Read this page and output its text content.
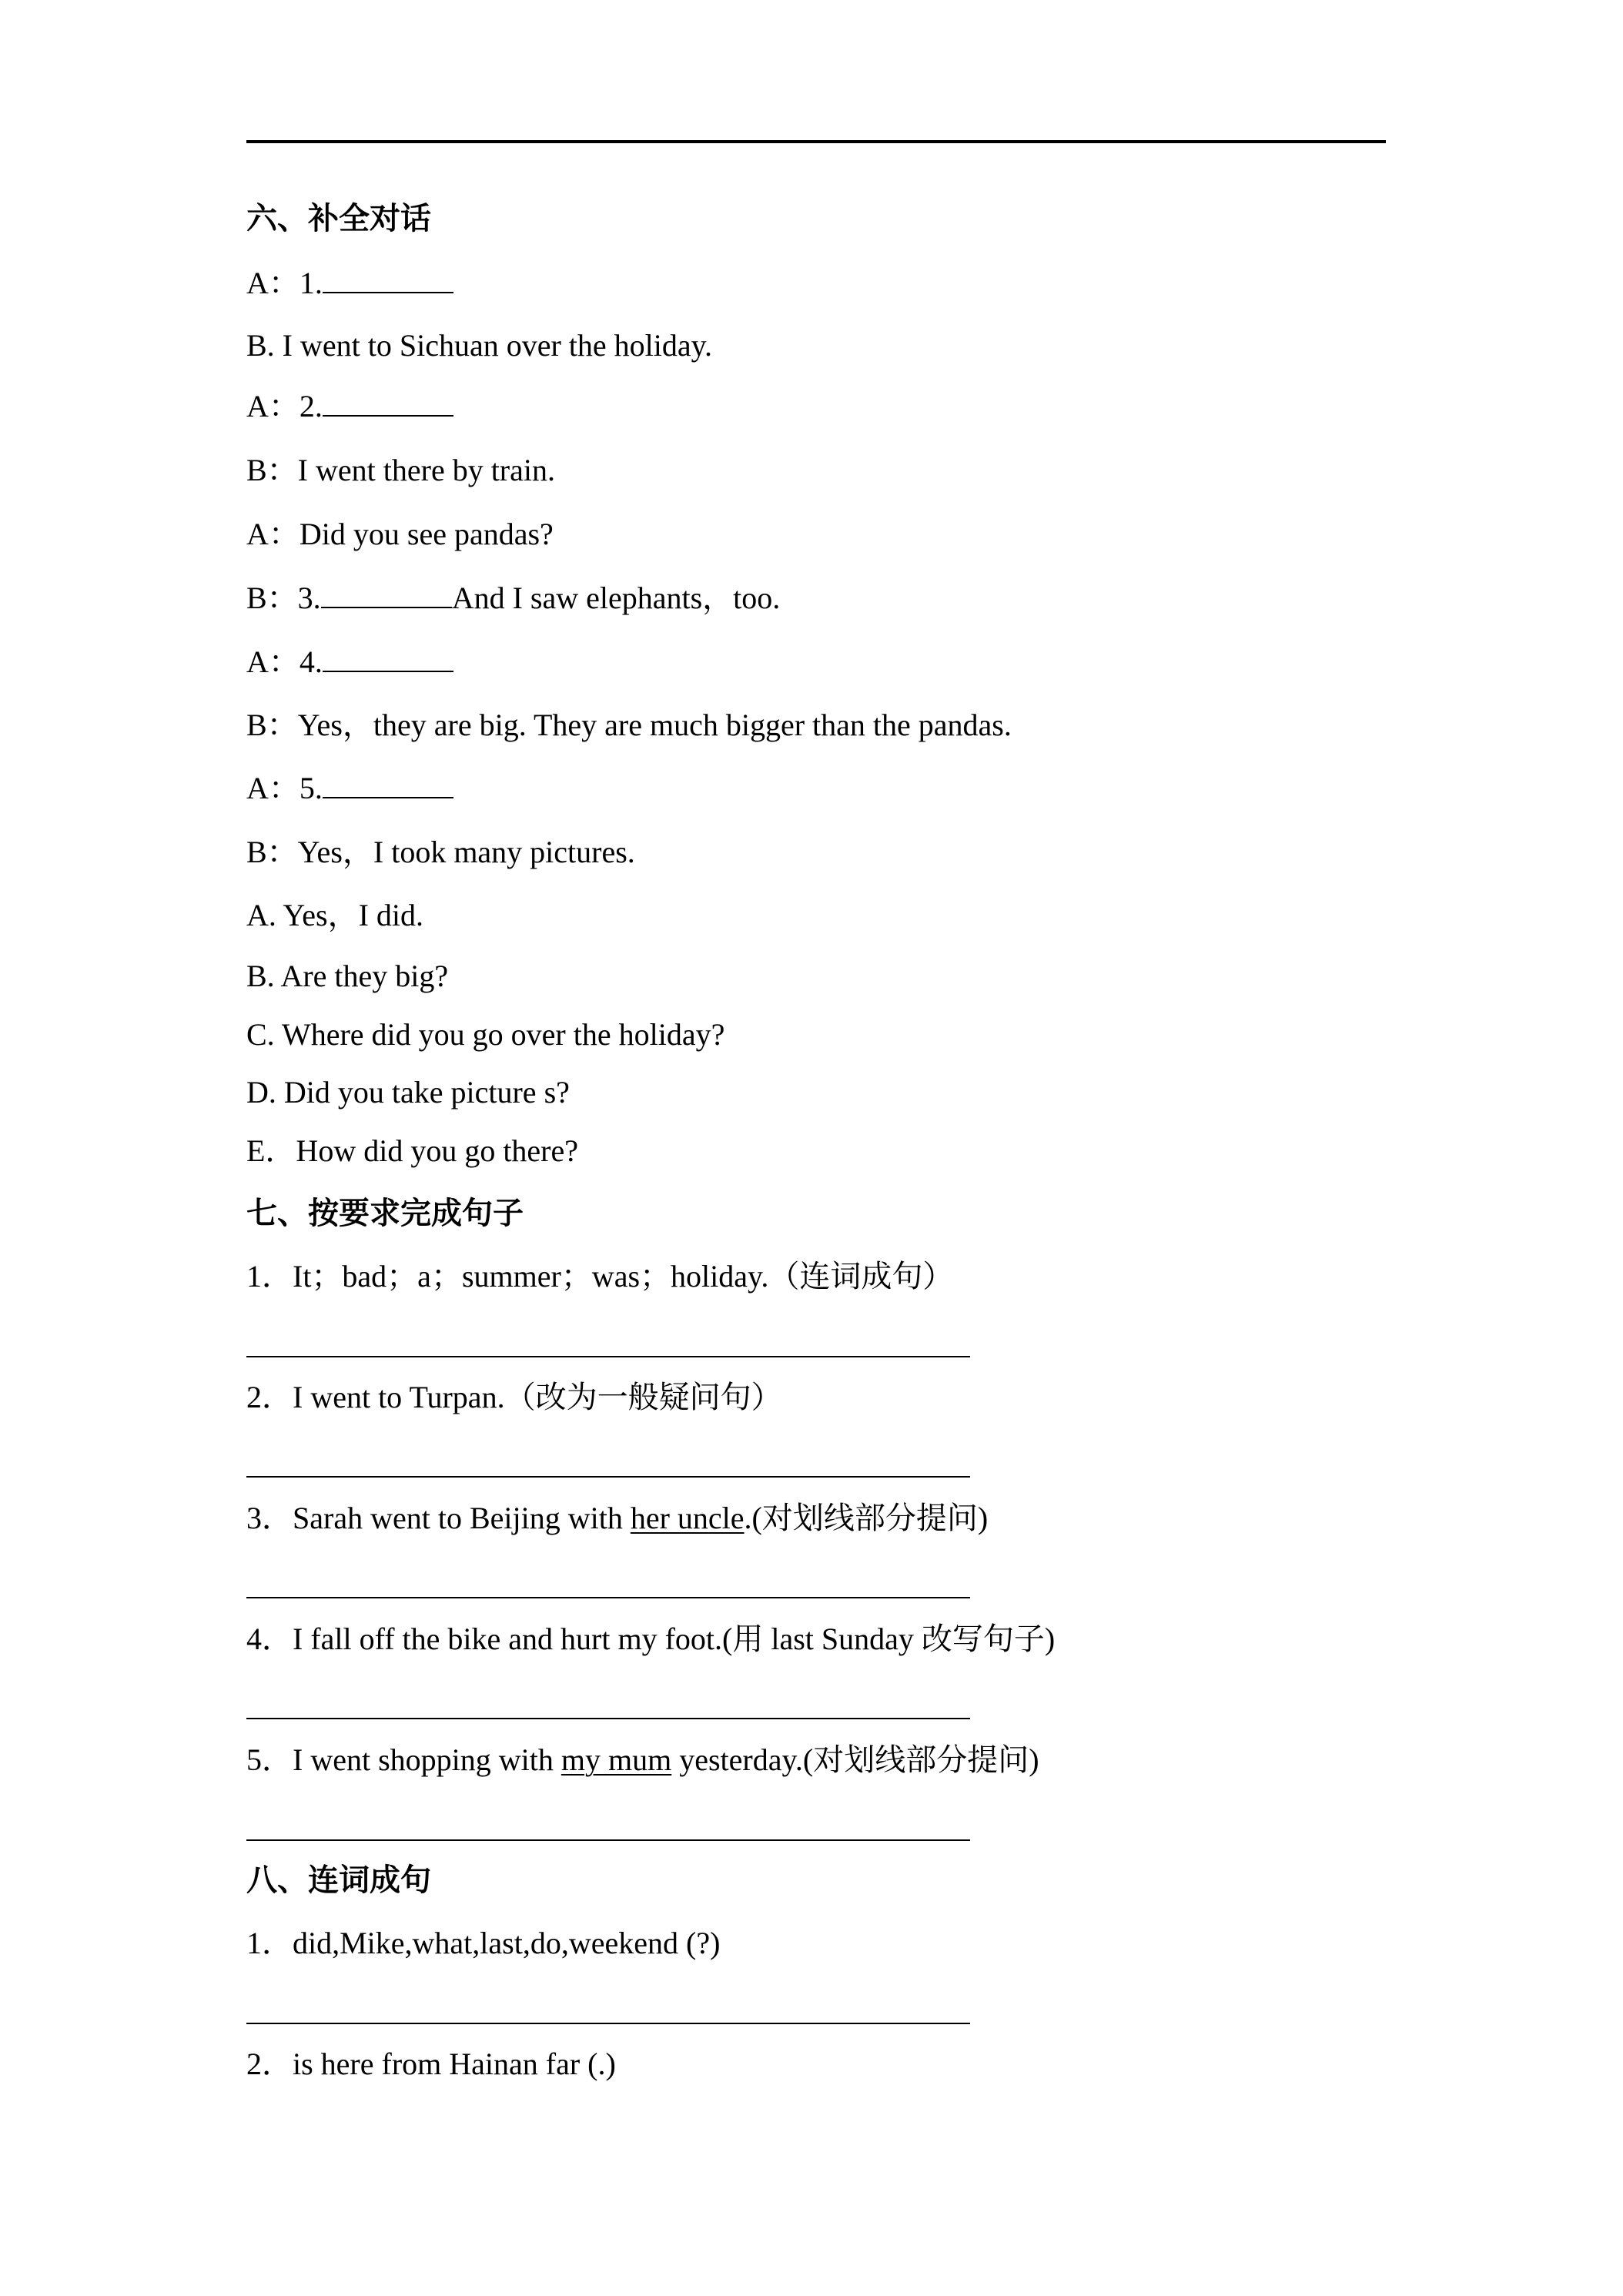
六、补全对话
A：1.
B. I went to Sichuan over the holiday.
A：2.
B：I went there by train.
A：Did you see pandas?
B：3.	And I saw elephants，too.
A：4.
B：Yes，they are big. They are much bigger than the pandas.
A：5.
B：Yes，I took many pictures.
A. Yes，I did.
B. Are they big?
C. Where did you go over the holiday?
D. Did you take picture s?
E．How did you go there?
七、按要求完成句子
1．It；bad；a；summer；was；holiday.（连词成句）
2．I went to Turpan.（改为一般疑问句）
3．Sarah went to Beijing with her uncle.(对划线部分提问)
4．I fall off the bike and hurt my foot.(用 last Sunday 改写句子)
5．I went shopping with my mum yesterday.(对划线部分提问)
八、连词成句
1．did,Mike,what,last,do,weekend (?)
2．is here from Hainan far (.)
